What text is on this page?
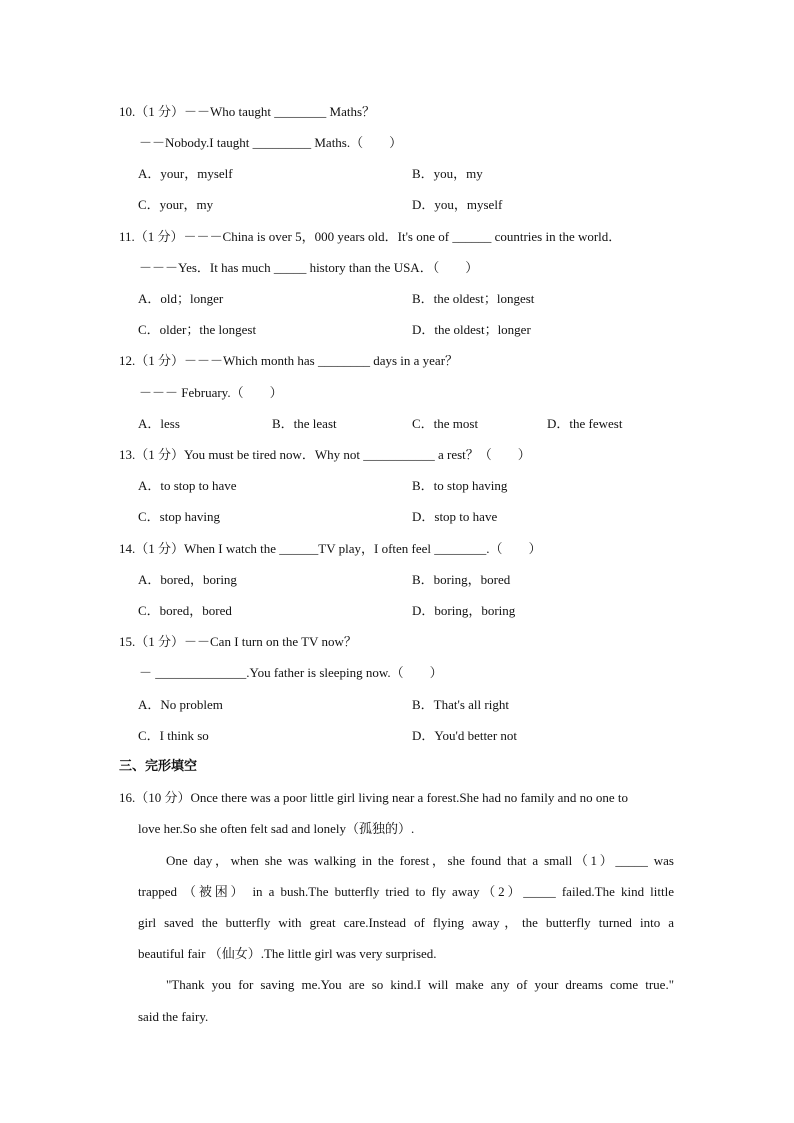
10.（1 分）－－Who taught ________ Maths？
－－Nobody.I taught _________ Maths.（　　）
A．your，myself	B．you，my
C．your，my	D．you，myself
11.（1 分）－－－China is over 5，000 years old．It's one of ______ countries in the world．
－－－Yes．It has much _____ history than the USA．（　　）
A．old；longer	B．the oldest；longest
C．older；the longest	D．the oldest；longer
12.（1 分）－－－Which month has ________ days in a year？
－－－ February.（　　）
A．less	B．the least	C．the most	D．the fewest
13.（1 分）You must be tired now．Why not ___________ a rest？（　　）
A．to stop to have	B．to stop having
C．stop having	D．stop to have
14.（1 分）When I watch the ______TV play，I often feel ________.（　　）
A．bored，boring	B．boring，bored
C．bored，bored	D．boring，boring
15.（1 分）－－Can I turn on the TV now？
－ ______________.You father is sleeping now.（　　）
A．No problem	B．That's all right
C．I think so	D．You'd better not
三、完形填空
16.（10 分）Once there was a poor little girl living near a forest.She had no family and no one to
love her.So she often felt sad and lonely（孤独的）.
One day，when she was walking in the forest，she found that a small（1）_____ was
trapped （被困） in a bush.The butterfly tried to fly away（2）_____ failed.The kind little
girl saved the butterfly with great care.Instead of flying away，the butterfly turned into a
beautiful fair （仙女）.The little girl was very surprised.
"Thank you for saving me.You are so kind.I will make any of your dreams come true."
said the fairy.
